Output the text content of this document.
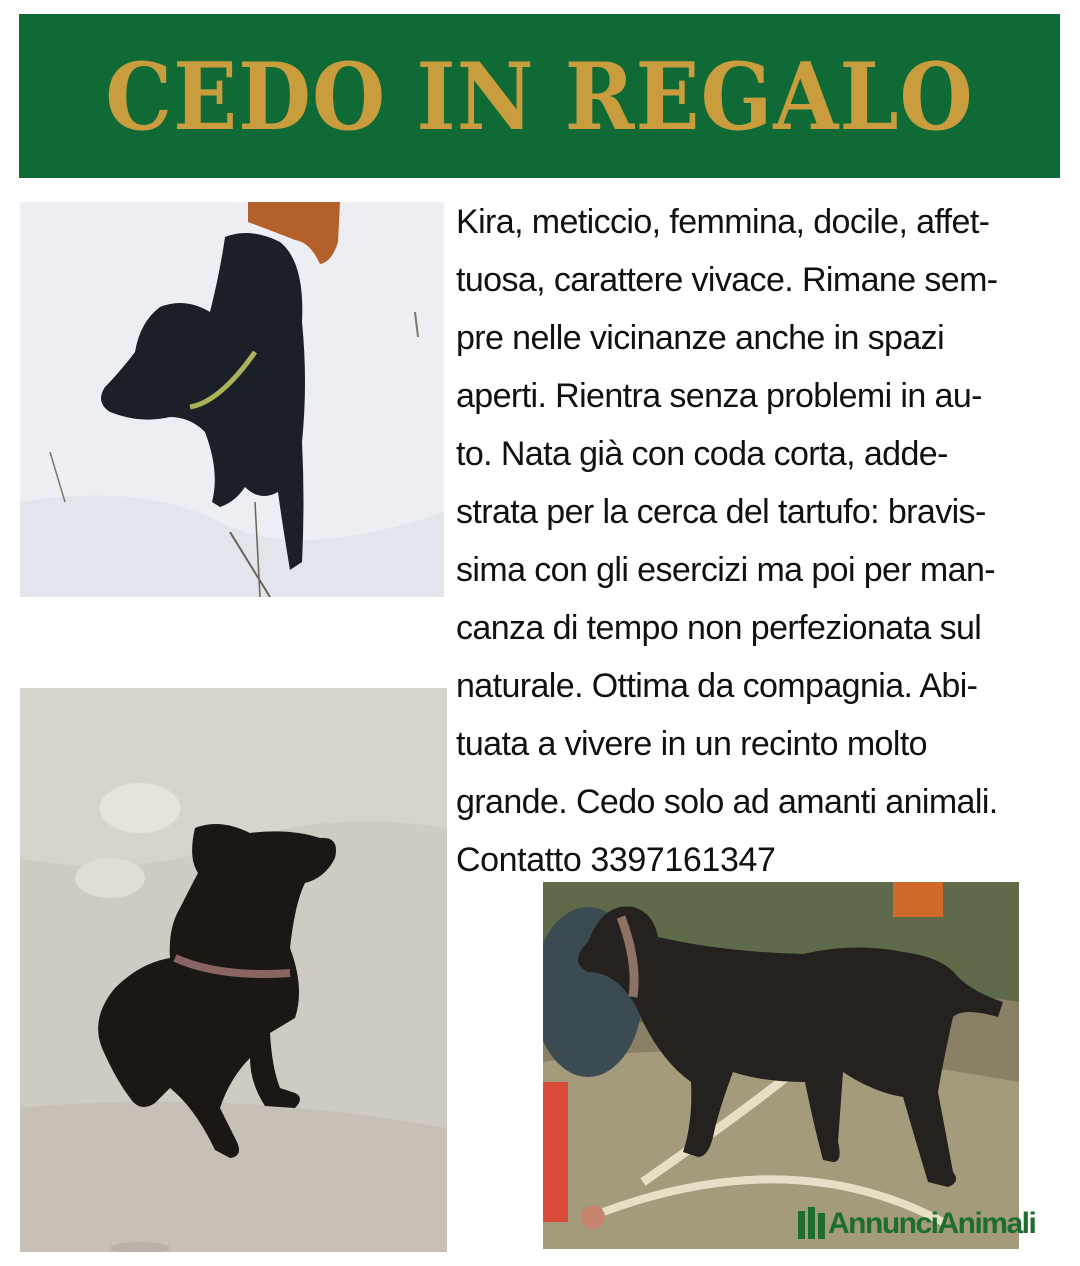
CEDO IN REGALO
Kira, meticcio, femmina, docile, affet-
tuosa, carattere vivace. Rimane sem-
pre nelle vicinanze anche in spazi
aperti. Rientra senza problemi in au-
to. Nata già con coda corta, adde-
strata per la cerca del tartufo: bravis-
sima con gli esercizi ma poi per man-
canza di tempo non perfezionata sul
naturale. Ottima da compagnia. Abi-
tuata a vivere in un recinto molto
grande. Cedo solo ad amanti animali.
Contatto 3397161347
AnnunciAnimali
